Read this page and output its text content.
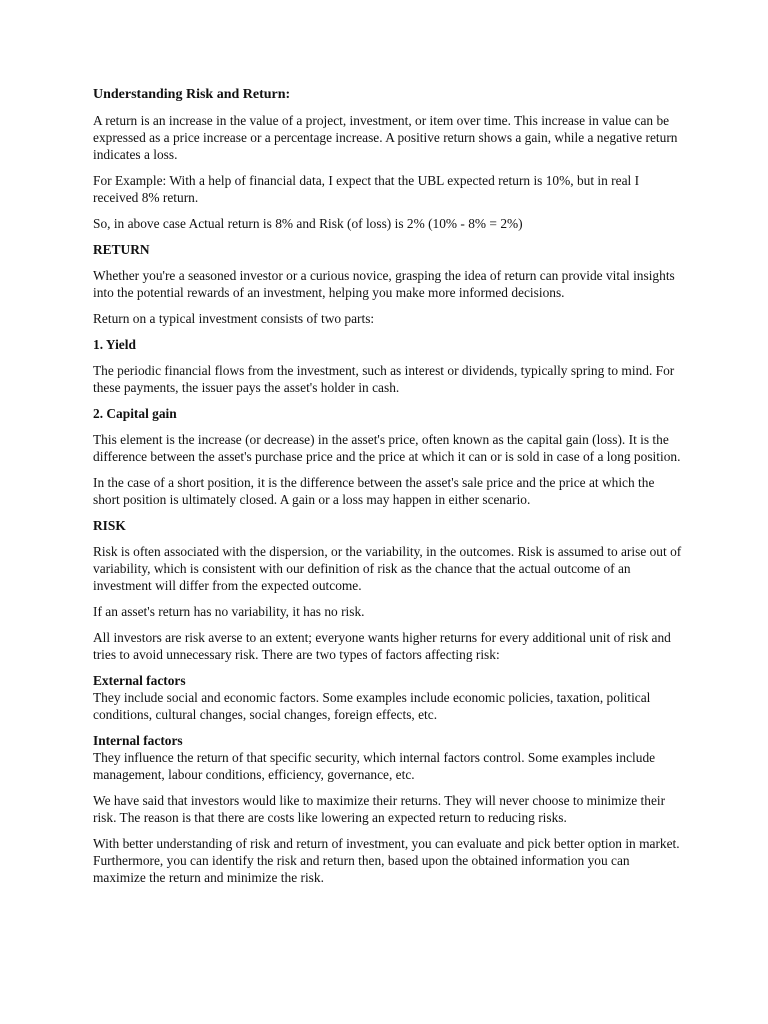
Understanding Risk and Return:

A return is an increase in the value of a project, investment, or item over time. This increase in value can be expressed as a price increase or a percentage increase. A positive return shows a gain, while a negative return indicates a loss.

For Example: With a help of financial data, I expect that the UBL expected return is 10%, but in real I received 8% return.

So, in above case Actual return is 8% and Risk (of loss) is 2% (10% - 8% = 2%)

RETURN

Whether you're a seasoned investor or a curious novice, grasping the idea of return can provide vital insights into the potential rewards of an investment, helping you make more informed decisions.

Return on a typical investment consists of two parts:

1. Yield

The periodic financial flows from the investment, such as interest or dividends, typically spring to mind. For these payments, the issuer pays the asset's holder in cash.

2. Capital gain

This element is the increase (or decrease) in the asset's price, often known as the capital gain (loss). It is the difference between the asset's purchase price and the price at which it can or is sold in case of a long position.

In the case of a short position, it is the difference between the asset's sale price and the price at which the short position is ultimately closed. A gain or a loss may happen in either scenario.

RISK

Risk is often associated with the dispersion, or the variability, in the outcomes. Risk is assumed to arise out of variability, which is consistent with our definition of risk as the chance that the actual outcome of an investment will differ from the expected outcome.

If an asset's return has no variability, it has no risk.

All investors are risk averse to an extent; everyone wants higher returns for every additional unit of risk and tries to avoid unnecessary risk. There are two types of factors affecting risk:

External factors
They include social and economic factors. Some examples include economic policies, taxation, political conditions, cultural changes, social changes, foreign effects, etc.
Internal factors
They influence the return of that specific security, which internal factors control. Some examples include management, labour conditions, efficiency, governance, etc.

We have said that investors would like to maximize their returns. They will never choose to minimize their risk. The reason is that there are costs like lowering an expected return to reducing risks.

With better understanding of risk and return of investment, you can evaluate and pick better option in market. Furthermore, you can identify the risk and return then, based upon the obtained information you can maximize the return and minimize the risk.
